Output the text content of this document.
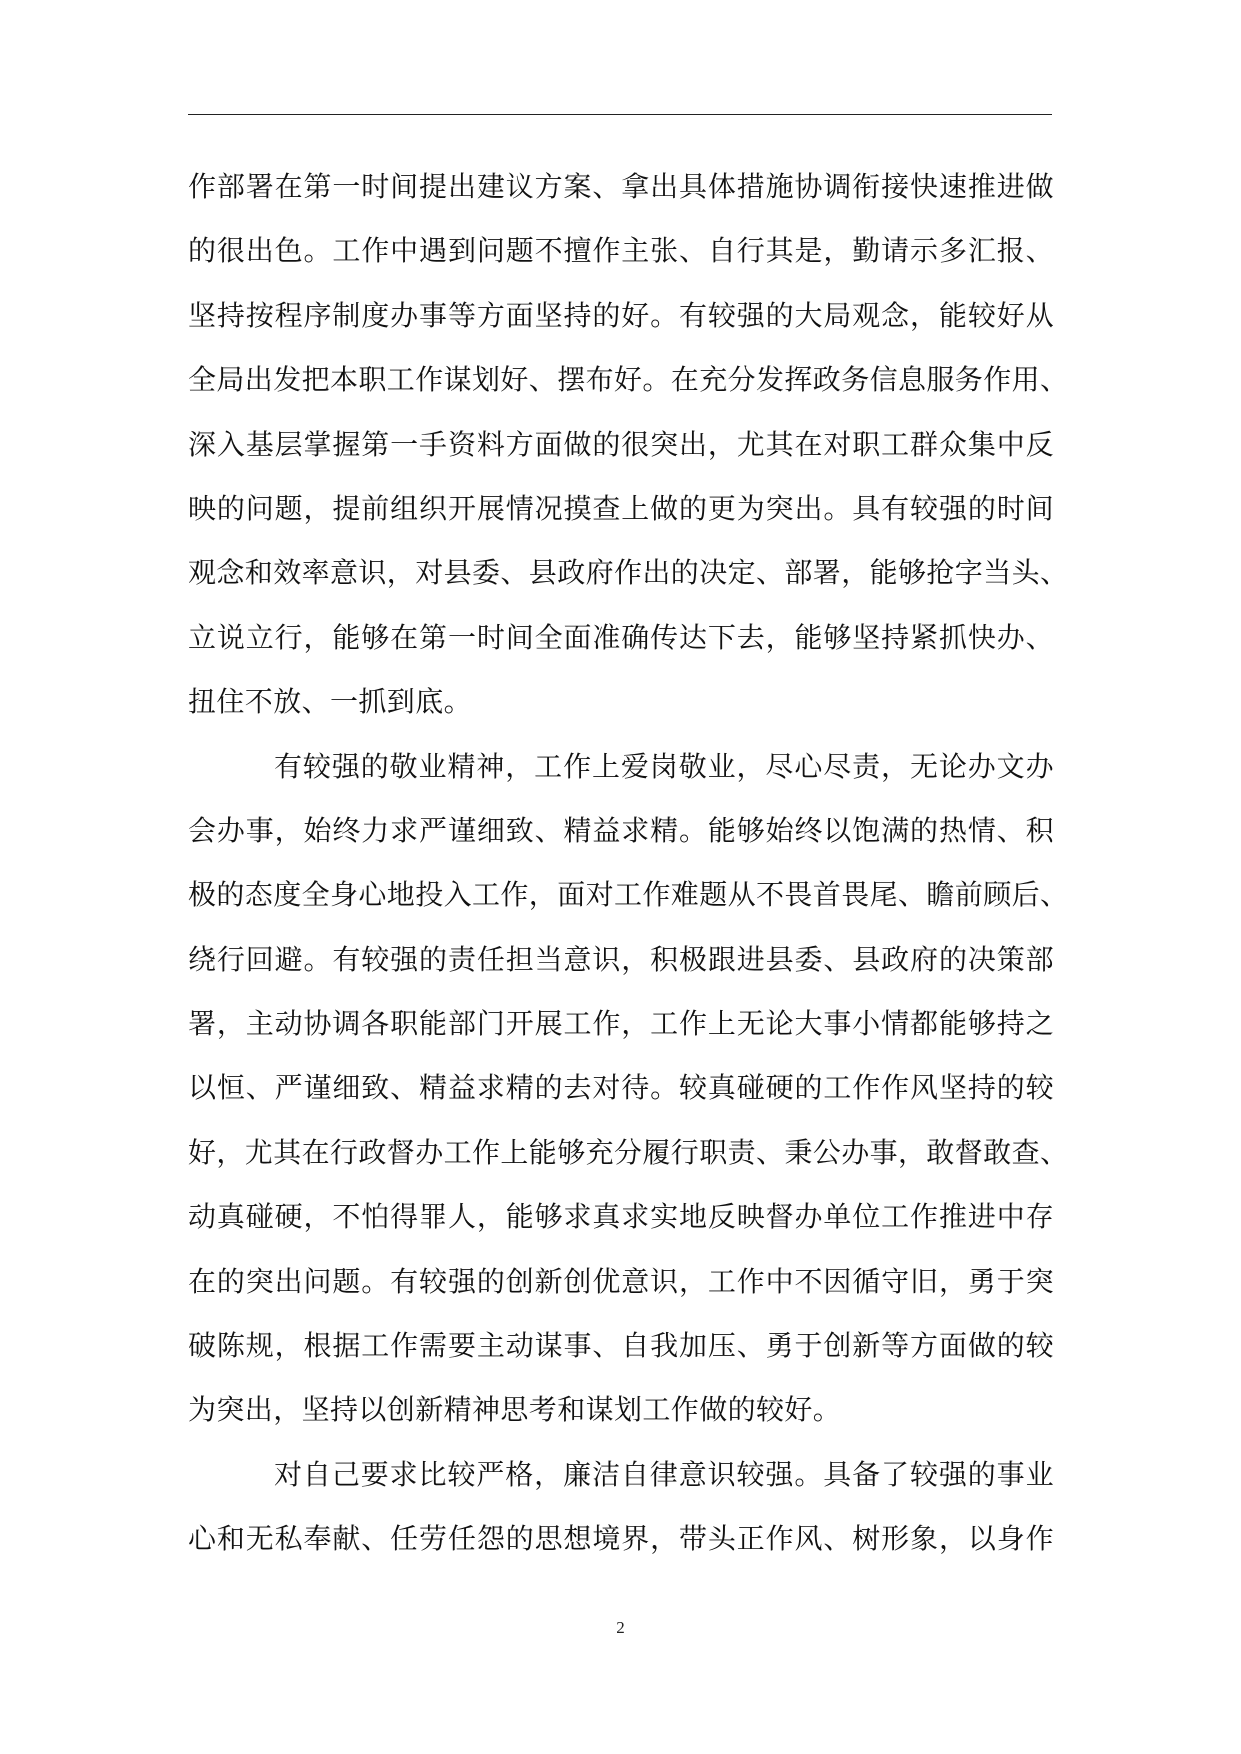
作部署在第一时间提出建议方案、拿出具体措施协调衔接快速推进做
的很出色。工作中遇到问题不擅作主张、自行其是，勤请示多汇报、
坚持按程序制度办事等方面坚持的好。有较强的大局观念，能较好从
全局出发把本职工作谋划好、摆布好。在充分发挥政务信息服务作用、
深入基层掌握第一手资料方面做的很突出，尤其在对职工群众集中反
映的问题，提前组织开展情况摸查上做的更为突出。具有较强的时间
观念和效率意识，对县委、县政府作出的决定、部署，能够抢字当头、
立说立行，能够在第一时间全面准确传达下去，能够坚持紧抓快办、
扭住不放、一抓到底。
有较强的敬业精神，工作上爱岗敬业，尽心尽责，无论办文办
会办事，始终力求严谨细致、精益求精。能够始终以饱满的热情、积
极的态度全身心地投入工作，面对工作难题从不畏首畏尾、瞻前顾后、
绕行回避。有较强的责任担当意识，积极跟进县委、县政府的决策部
署，主动协调各职能部门开展工作，工作上无论大事小情都能够持之
以恒、严谨细致、精益求精的去对待。较真碰硬的工作作风坚持的较
好，尤其在行政督办工作上能够充分履行职责、秉公办事，敢督敢查、
动真碰硬，不怕得罪人，能够求真求实地反映督办单位工作推进中存
在的突出问题。有较强的创新创优意识，工作中不因循守旧，勇于突
破陈规，根据工作需要主动谋事、自我加压、勇于创新等方面做的较
为突出，坚持以创新精神思考和谋划工作做的较好。
对自己要求比较严格，廉洁自律意识较强。具备了较强的事业
心和无私奉献、任劳任怨的思想境界，带头正作风、树形象，以身作
2
